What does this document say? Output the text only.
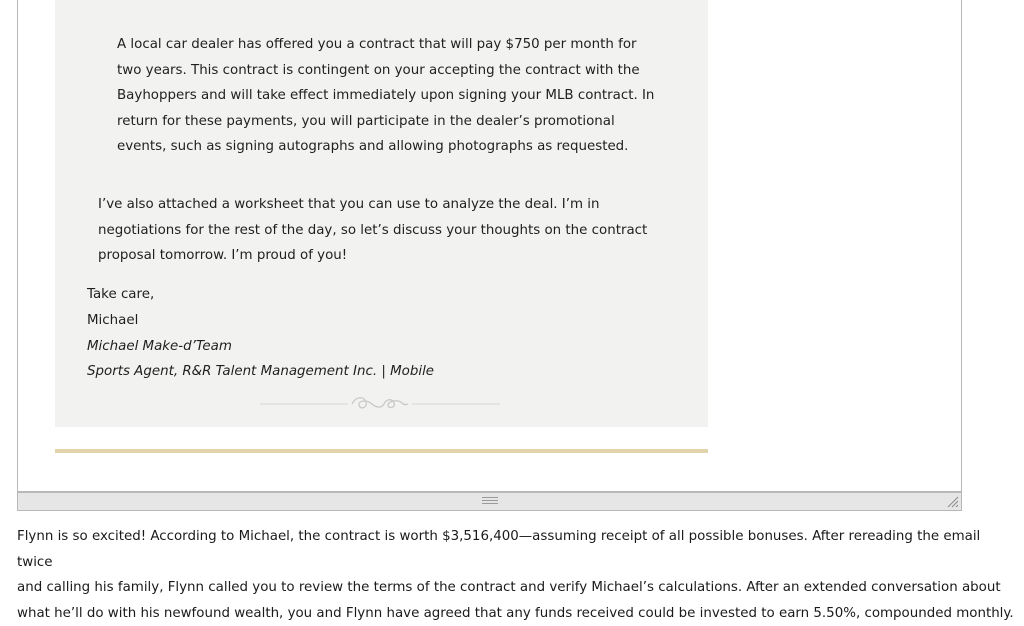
A local car dealer has offered you a contract that will pay $750 per month for
two years. This contract is contingent on your accepting the contract with the
Bayhoppers and will take effect immediately upon signing your MLB contract. In
return for these payments, you will participate in the dealer’s promotional
events, such as signing autographs and allowing photographs as requested.

I’ve also attached a worksheet that you can use to analyze the deal. I’m in
negotiations for the rest of the day, so let’s discuss your thoughts on the contract
proposal tomorrow. I’m proud of you!

Take care,
Michael
Michael Make-d’Team
Sports Agent, R&R Talent Management Inc. | Mobile

Flynn is so excited! According to Michael, the contract is worth $3,516,400—assuming receipt of all possible bonuses. After rereading the email twice
and calling his family, Flynn called you to review the terms of the contract and verify Michael’s calculations. After an extended conversation about
what he’ll do with his newfound wealth, you and Flynn have agreed that any funds received could be invested to earn 5.50%, compounded monthly.
